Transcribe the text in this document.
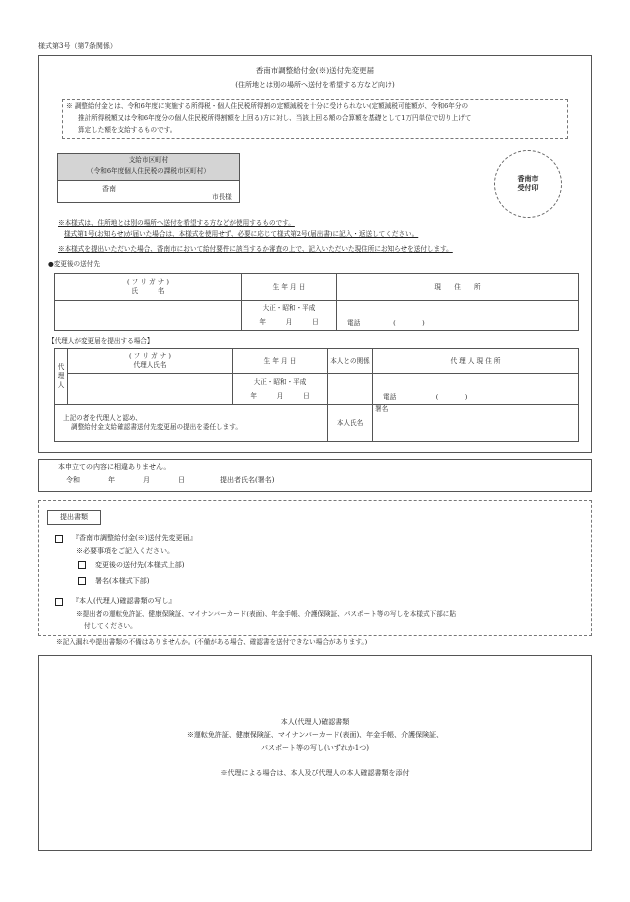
様式第3号（第7条関係）
香南市調整給付金(※)送付先変更届
(住所地とは別の場所へ送付を希望する方など向け)
※ 調整給付金とは、令和6年度に実施する所得税・個人住民税所得割の定額減税を十分に受けられない(定額減税可能額が、令和6年分の
推計所得税額又は令和6年度分の個人住民税所得割額を上回る)方に対し、当該上回る額の合算額を基礎として1万円単位で切り上げて
算定した額を支給するものです。
支給市区町村
（令和6年度個人住民税の課税市区町村）
香南
市長様
香南市
受付印
※本様式は、住所地とは別の場所へ送付を希望する方などが使用するものです。
様式第1号(お知らせ)が届いた場合は、本様式を使用せず、必要に応じて様式第2号(届出書)に記入・返送してください。
※本様式を提出いただいた場合、香南市において給付要件に該当するか審査の上で、記入いただいた現住所にお知らせを送付します。
●変更後の送付先
( フ リ ガ ナ )
氏　　　名	生 年 月 日	現　　住　　所

	大正・昭和・平成
年　　　月　　　日	電話　　　　　(　　　　)
【代理人が変更届を提出する場合】
代理人	( フ リ ガ ナ )
代理人氏名	生 年 月 日	本人との関係	代 理 人 現 住 所

		大正・昭和・平成
年　　　月　　　日		電話　　　　　　(　　　　)

上記の者を代理人と認め、
調整給付金支給確認書送付先変更届の提出を委任します。			本人氏名	署名
本申立ての内容に相違ありません。
令和　　　　年　　　　月　　　　日　　　　　提出者氏名(署名)
提出書類
『香南市調整給付金(※)送付先変更届』
※必要事項をご記入ください。
変更後の送付先(本様式上部)
署名(本様式下部)
『本人(代理人)確認書類の写し』
※提出者の運転免許証、健康保険証、マイナンバーカード(表面)、年金手帳、介護保険証、パスポート等の写しを本様式下部に貼
付してください。
※記入漏れや提出書類の不備はありませんか。(不備がある場合、確認書を送付できない場合があります。)
本人(代理人)確認書類
※運転免許証、健康保険証、マイナンバーカード(表面)、年金手帳、介護保険証、
パスポート等の写し(いずれか1つ)
※代理による場合は、本人及び代理人の本人確認書類を添付
